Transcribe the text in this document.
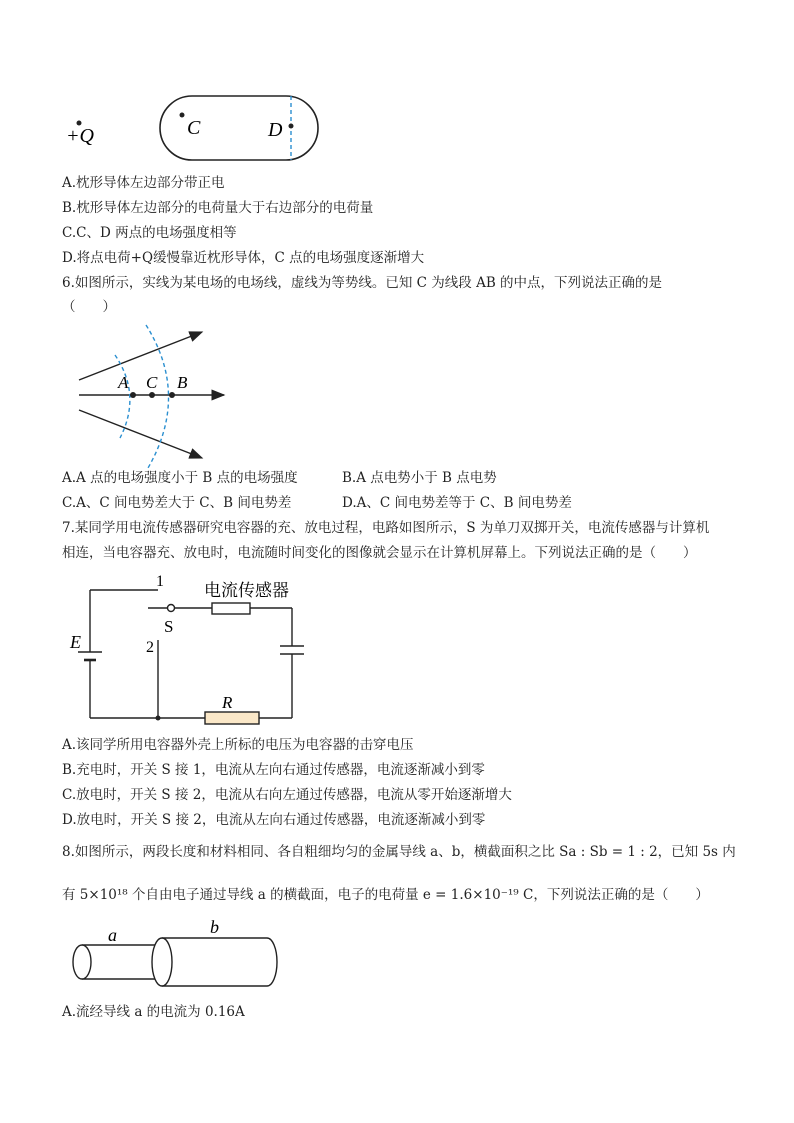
+Q	C	D
A.枕形导体左边部分带正电
B.枕形导体左边部分的电荷量大于右边部分的电荷量
C.C、D 两点的电场强度相等
D.将点电荷+Q缓慢靠近枕形导体，C 点的电场强度逐渐增大
6.如图所示，实线为某电场的电场线，虚线为等势线。已知 C 为线段 AB 的中点，下列说法正确的是
（　　）
A C B
A.A 点的电场强度小于 B 点的电场强度	B.A 点电势小于 B 点电势
C.A、C 间电势差大于 C、B 间电势差	D.A、C 间电势差等于 C、B 间电势差
7.某同学用电流传感器研究电容器的充、放电过程，电路如图所示，S 为单刀双掷开关，电流传感器与计算机
相连，当电容器充、放电时，电流随时间变化的图像就会显示在计算机屏幕上。下列说法正确的是（　　）
E
1
S
电流传感器
2
R
A.该同学所用电容器外壳上所标的电压为电容器的击穿电压
B.充电时，开关 S 接 1，电流从左向右通过传感器，电流逐渐减小到零
C.放电时，开关 S 接 2，电流从右向左通过传感器，电流从零开始逐渐增大
D.放电时，开关 S 接 2，电流从左向右通过传感器，电流逐渐减小到零
8.如图所示，两段长度和材料相同、各自粗细均匀的金属导线 a、b，横截面积之比 Sa : Sb = 1 : 2，已知 5s 内
有 5×10¹⁸ 个自由电子通过导线 a 的横截面，电子的电荷量 e = 1.6×10⁻¹⁹ C，下列说法正确的是（　　）
a	b
A.流经导线 a 的电流为 0.16A
